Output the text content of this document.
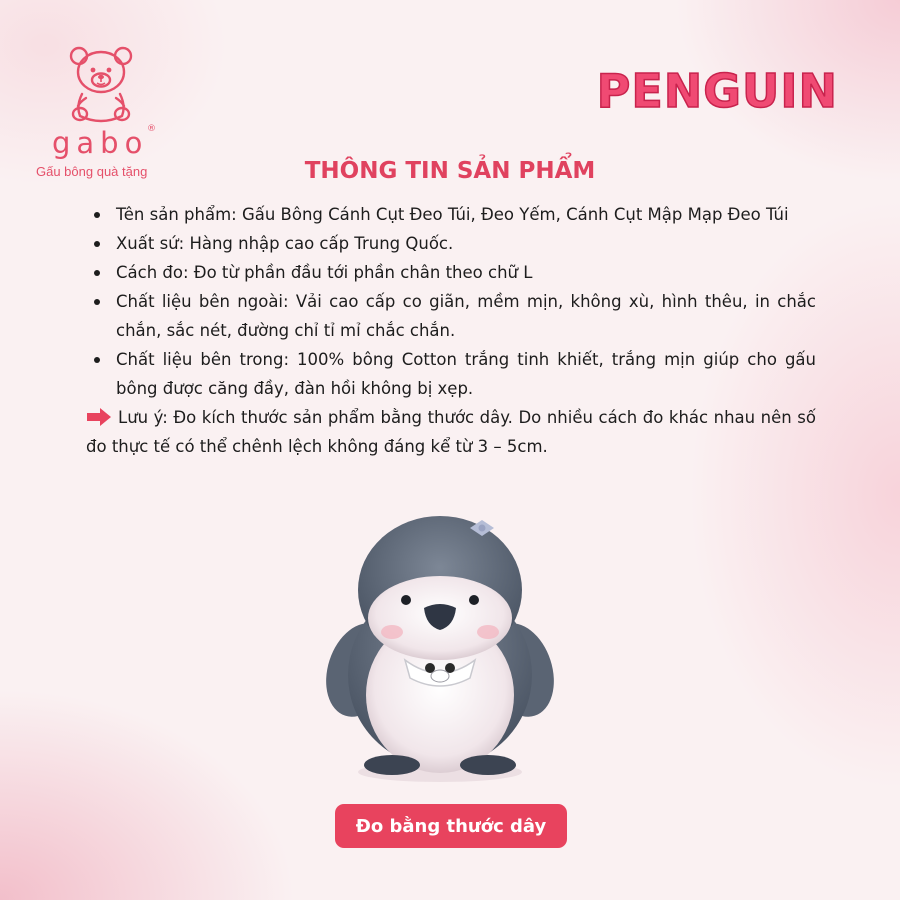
gabo
®
Gấu bông quà tặng
PENGUIN
THÔNG TIN SẢN PHẨM
Tên sản phẩm: Gấu Bông Cánh Cụt Đeo Túi, Đeo Yếm, Cánh Cụt Mập Mạp Đeo Túi
Xuất sứ: Hàng nhập cao cấp Trung Quốc.
Cách đo: Đo từ phần đầu tới phần chân theo chữ L
Chất liệu bên ngoài: Vải cao cấp co giãn, mềm mịn, không xù, hình thêu, in chắc chắn, sắc nét, đường chỉ tỉ mỉ chắc chắn.
Chất liệu bên trong: 100% bông Cotton trắng tinh khiết, trắng mịn giúp cho gấu bông được căng đầy, đàn hồi không bị xẹp.
Lưu ý: Đo kích thước sản phẩm bằng thước dây. Do nhiều cách đo khác nhau nên số đo thực tế có thể chênh lệch không đáng kể từ 3 – 5cm.
Đo bằng thước dây
